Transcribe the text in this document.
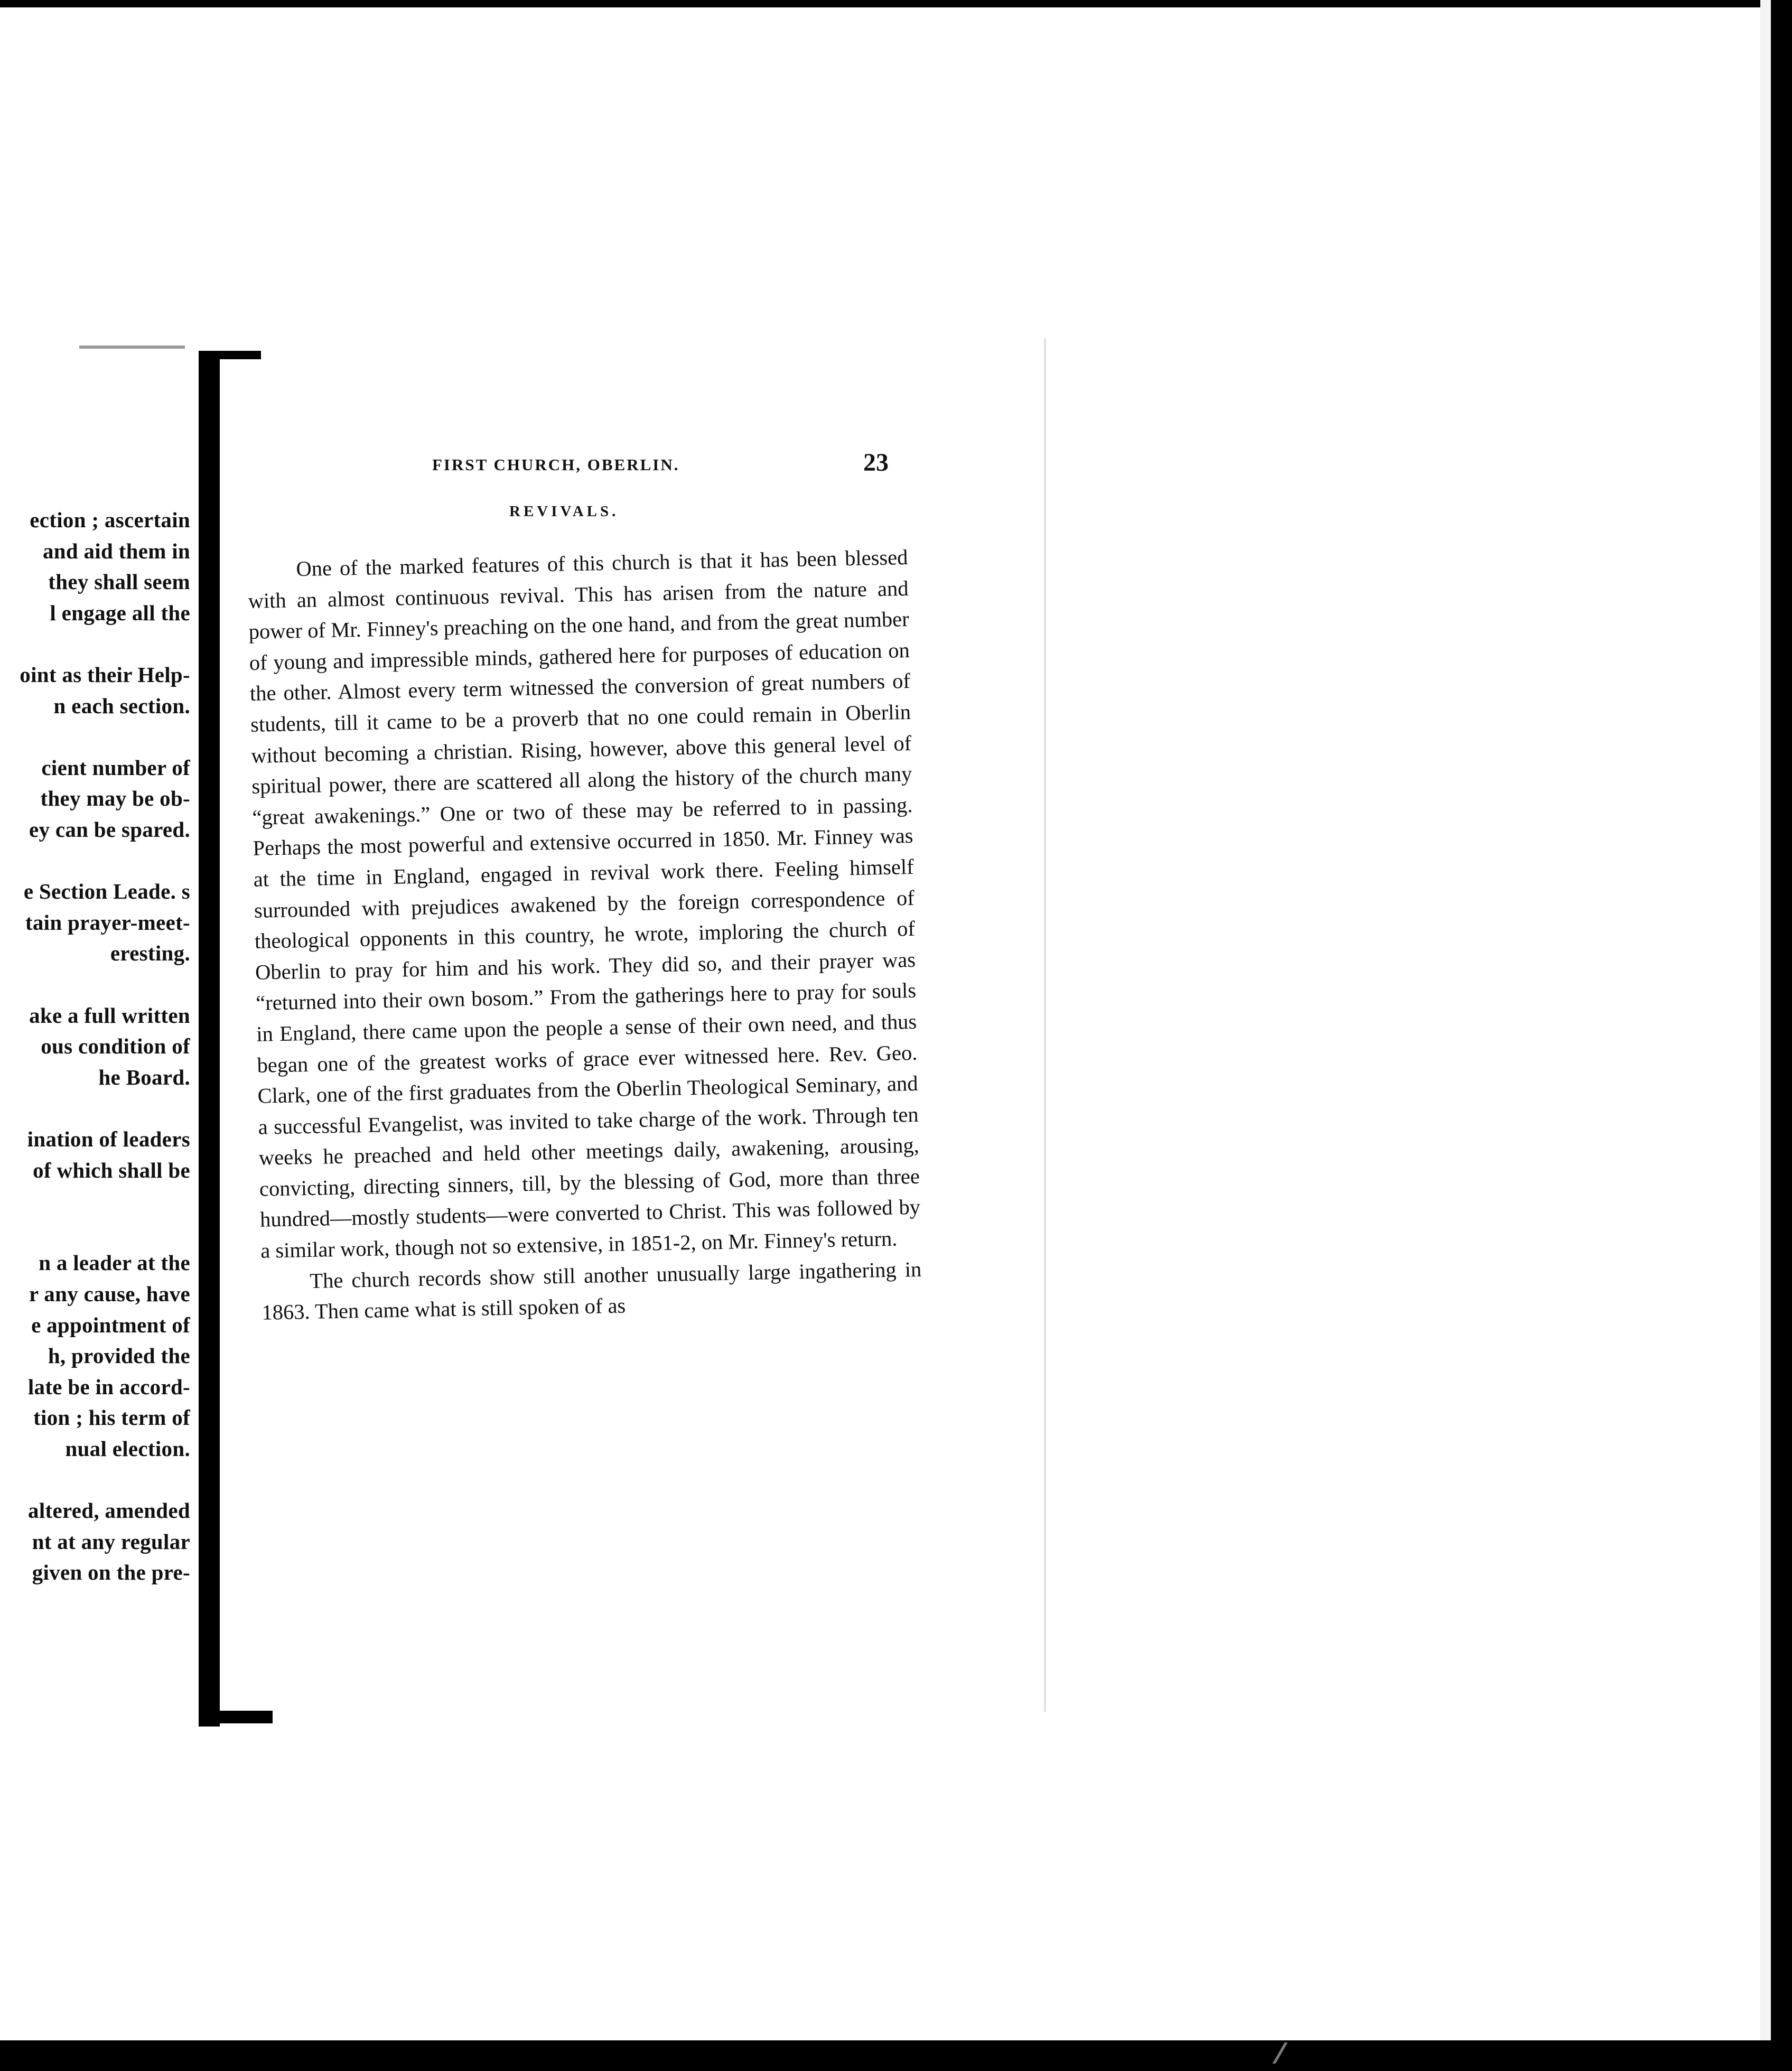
ection ; ascertain
and aid them in
they shall seem
l engage all the
oint as their Help-
n each section.
cient number of
they may be ob-
ey can be spared.
e Section Leade. s
tain prayer-meet-
eresting.
ake a full written
ous condition of
he Board.
ination of leaders
of which shall be
n a leader at the
r any cause, have
e appointment of
h, provided the
late be in accord-
tion ; his term of
nual election.
altered, amended
nt at any regular
given on the pre-
FIRST CHURCH, OBERLIN.	23
REVIVALS.

One of the marked features of this church is that it has been blessed with an almost continuous revival. This has arisen from the nature and power of Mr. Finney's preaching on the one hand, and from the great number of young and impressible minds, gathered here for purposes of education on the other. Almost every term witnessed the conversion of great numbers of students, till it came to be a proverb that no one could remain in Oberlin without becoming a christian. Rising, however, above this general level of spiritual power, there are scattered all along the history of the church many “great awakenings.” One or two of these may be referred to in passing. Perhaps the most powerful and extensive occurred in 1850. Mr. Finney was at the time in England, engaged in revival work there. Feeling himself surrounded with prejudices awakened by the foreign correspondence of theological opponents in this country, he wrote, imploring the church of Oberlin to pray for him and his work. They did so, and their prayer was “returned into their own bosom.” From the gatherings here to pray for souls in England, there came upon the people a sense of their own need, and thus began one of the greatest works of grace ever witnessed here. Rev. Geo. Clark, one of the first graduates from the Oberlin Theological Seminary, and a successful Evangelist, was invited to take charge of the work. Through ten weeks he preached and held other meetings daily, awakening, arousing, convicting, directing sinners, till, by the blessing of God, more than three hundred—mostly students—were converted to Christ. This was followed by a similar work, though not so extensive, in 1851-2, on Mr. Finney's return.

The church records show still another unusually large ingathering in 1863. Then came what is still spoken of as
